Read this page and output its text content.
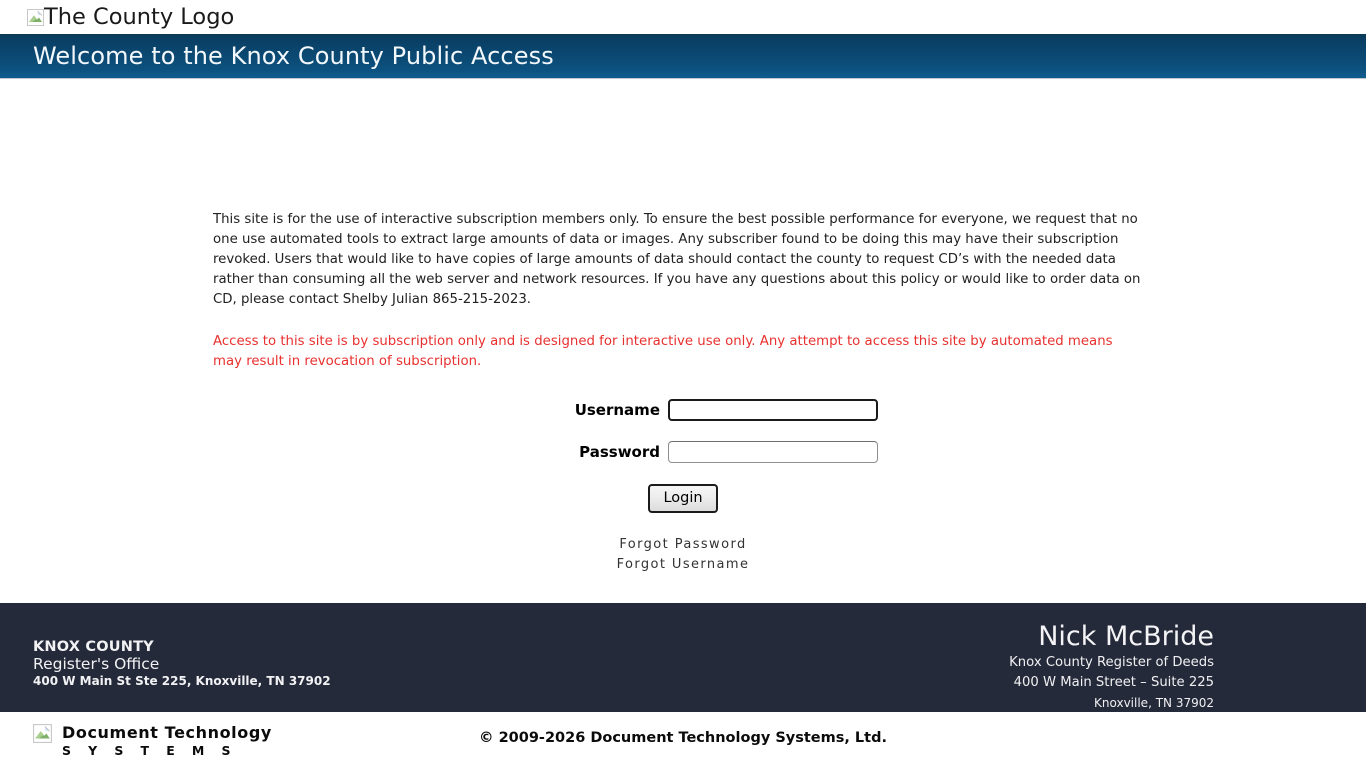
The County Logo
Welcome to the Knox County Public Access

This site is for the use of interactive subscription members only. To ensure the best possible performance for everyone, we request that no one use automated tools to extract large amounts of data or images. Any subscriber found to be doing this may have their subscription revoked. Users that would like to have copies of large amounts of data should contact the county to request CD’s with the needed data rather than consuming all the web server and network resources. If you have any questions about this policy or would like to order data on CD, please contact Shelby Julian 865-215-2023.

Access to this site is by subscription only and is designed for interactive use only. Any attempt to access this site by automated means may result in revocation of subscription.

Username
Password
Login
Forgot Password
Forgot Username
KNOX COUNTY
Register's Office
400 W Main St Ste 225, Knoxville, TN 37902
Nick McBride
Knox County Register of Deeds
400 W Main Street – Suite 225
Knoxville, TN 37902
Document Technology
S Y S T E M S
© 2009-2026 Document Technology Systems, Ltd.
